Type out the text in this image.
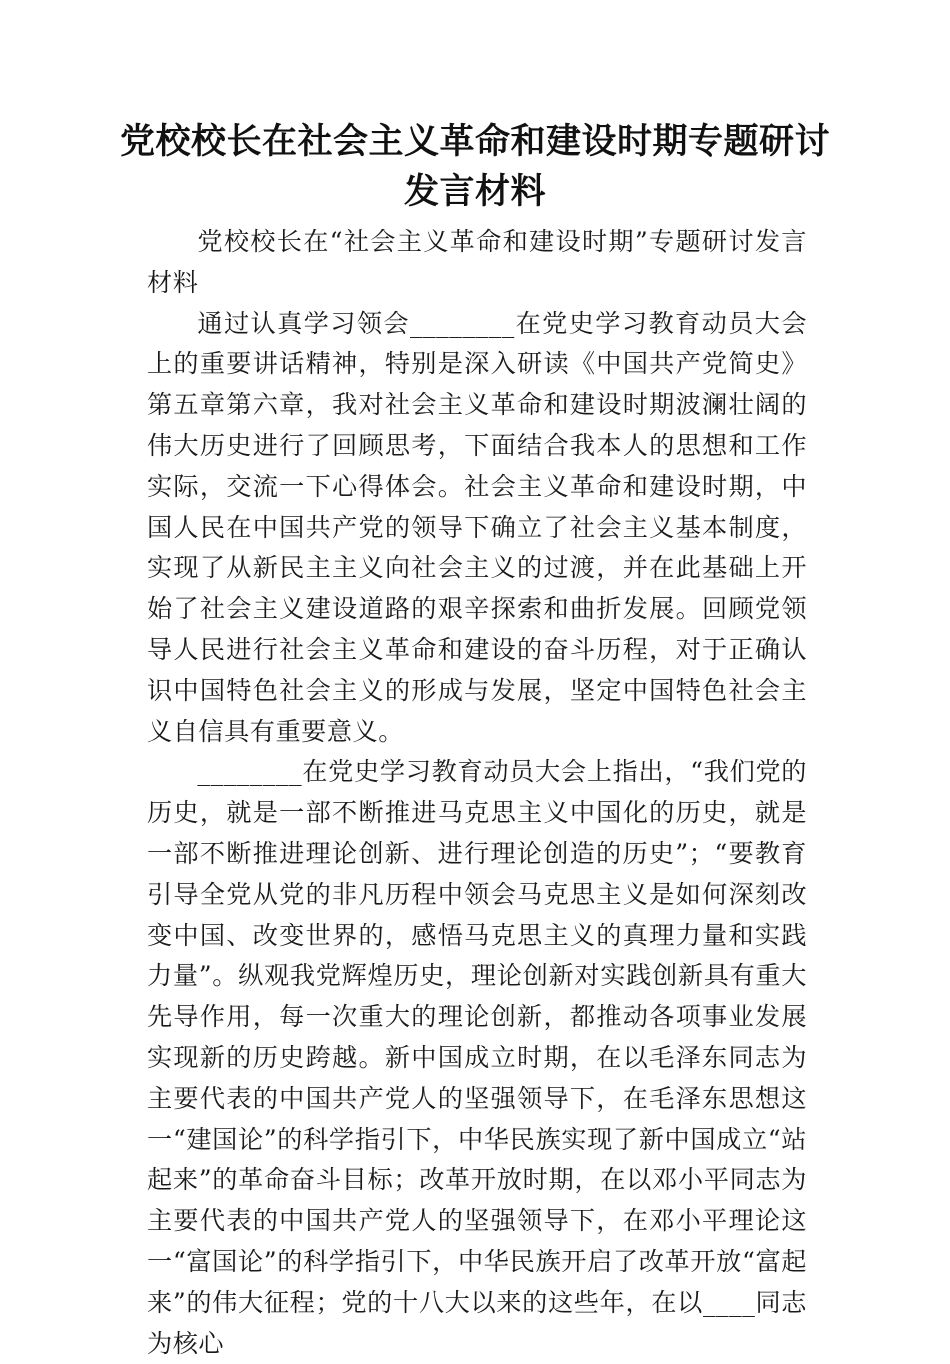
党校校长在社会主义革命和建设时期专题研讨发言材料

党校校长在“社会主义革命和建设时期”专题研讨发言材料

通过认真学习领会________在党史学习教育动员大会上的重要讲话精神，特别是深入研读《中国共产党简史》第五章第六章，我对社会主义革命和建设时期波澜壮阔的伟大历史进行了回顾思考，下面结合我本人的思想和工作实际，交流一下心得体会。社会主义革命和建设时期，中国人民在中国共产党的领导下确立了社会主义基本制度，实现了从新民主主义向社会主义的过渡，并在此基础上开始了社会主义建设道路的艰辛探索和曲折发展。回顾党领导人民进行社会主义革命和建设的奋斗历程，对于正确认识中国特色社会主义的形成与发展，坚定中国特色社会主义自信具有重要意义。

________在党史学习教育动员大会上指出，“我们党的历史，就是一部不断推进马克思主义中国化的历史，就是一部不断推进理论创新、进行理论创造的历史”；“要教育引导全党从党的非凡历程中领会马克思主义是如何深刻改变中国、改变世界的，感悟马克思主义的真理力量和实践力量”。纵观我党辉煌历史，理论创新对实践创新具有重大先导作用，每一次重大的理论创新，都推动各项事业发展实现新的历史跨越。新中国成立时期，在以毛泽东同志为主要代表的中国共产党人的坚强领导下，在毛泽东思想这一“建国论”的科学指引下，中华民族实现了新中国成立“站起来”的革命奋斗目标；改革开放时期，在以邓小平同志为主要代表的中国共产党人的坚强领导下，在邓小平理论这一“富国论”的科学指引下，中华民族开启了改革开放“富起来”的伟大征程；党的十八大以来的这些年，在以____同志为核心
